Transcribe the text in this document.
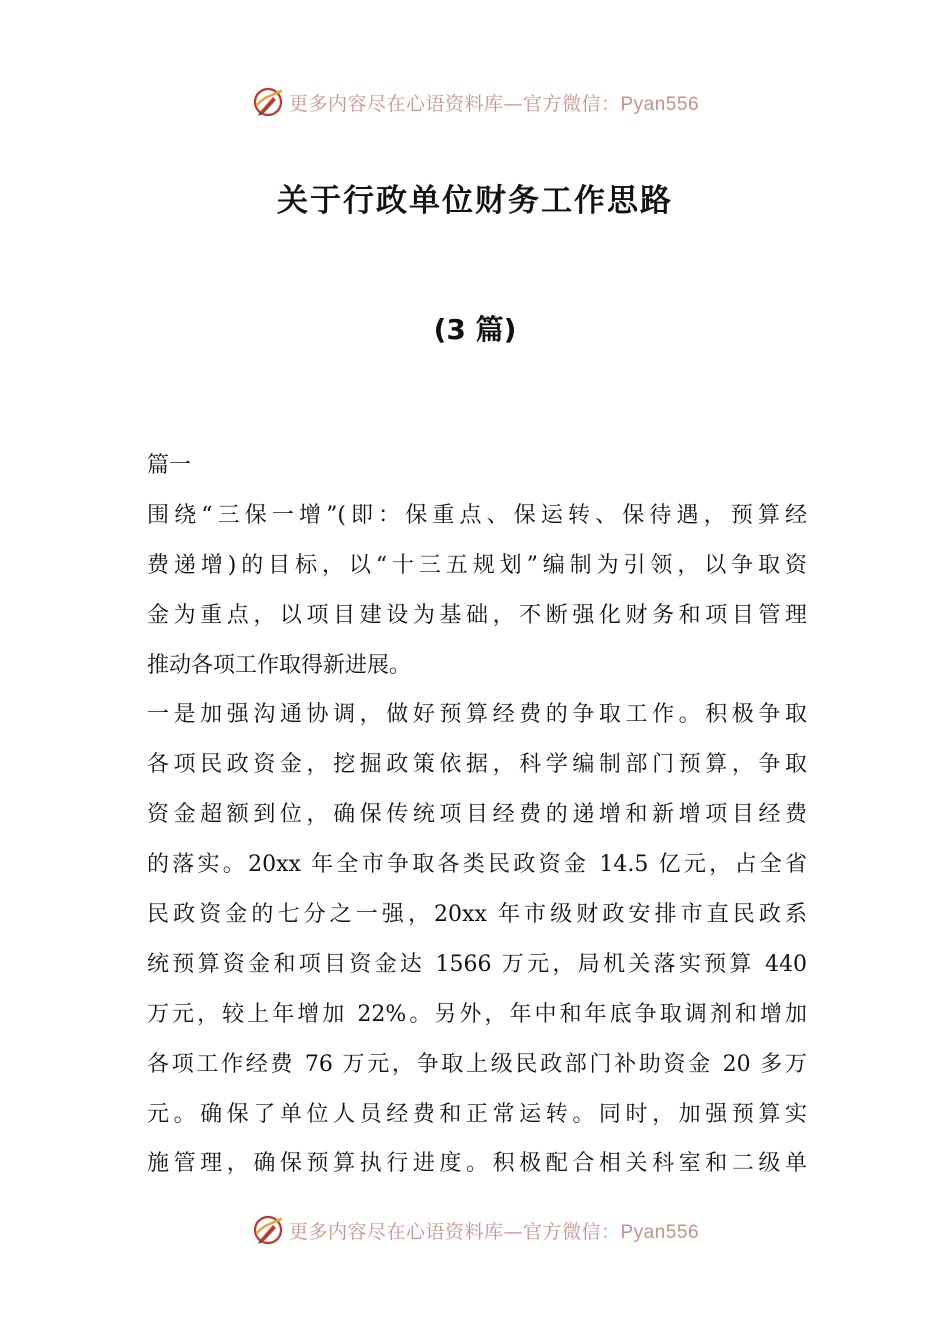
更多内容尽在心语资料库—官方微信：Pyan556
关于行政单位财务工作思路
(3 篇)
篇一
围绕“三保一增”(即：保重点、保运转、保待遇，预算经
费递增)的目标，以“十三五规划”编制为引领，以争取资
金为重点，以项目建设为基础，不断强化财务和项目管理
推动各项工作取得新进展。
一是加强沟通协调，做好预算经费的争取工作。积极争取
各项民政资金，挖掘政策依据，科学编制部门预算，争取
资金超额到位，确保传统项目经费的递增和新增项目经费
的落实。20xx 年全市争取各类民政资金 14.5 亿元，占全省
民政资金的七分之一强，20xx 年市级财政安排市直民政系
统预算资金和项目资金达 1566 万元，局机关落实预算 440
万元，较上年增加 22%。另外，年中和年底争取调剂和增加
各项工作经费 76 万元，争取上级民政部门补助资金 20 多万
元。确保了单位人员经费和正常运转。同时，加强预算实
施管理，确保预算执行进度。积极配合相关科室和二级单
更多内容尽在心语资料库—官方微信：Pyan556
